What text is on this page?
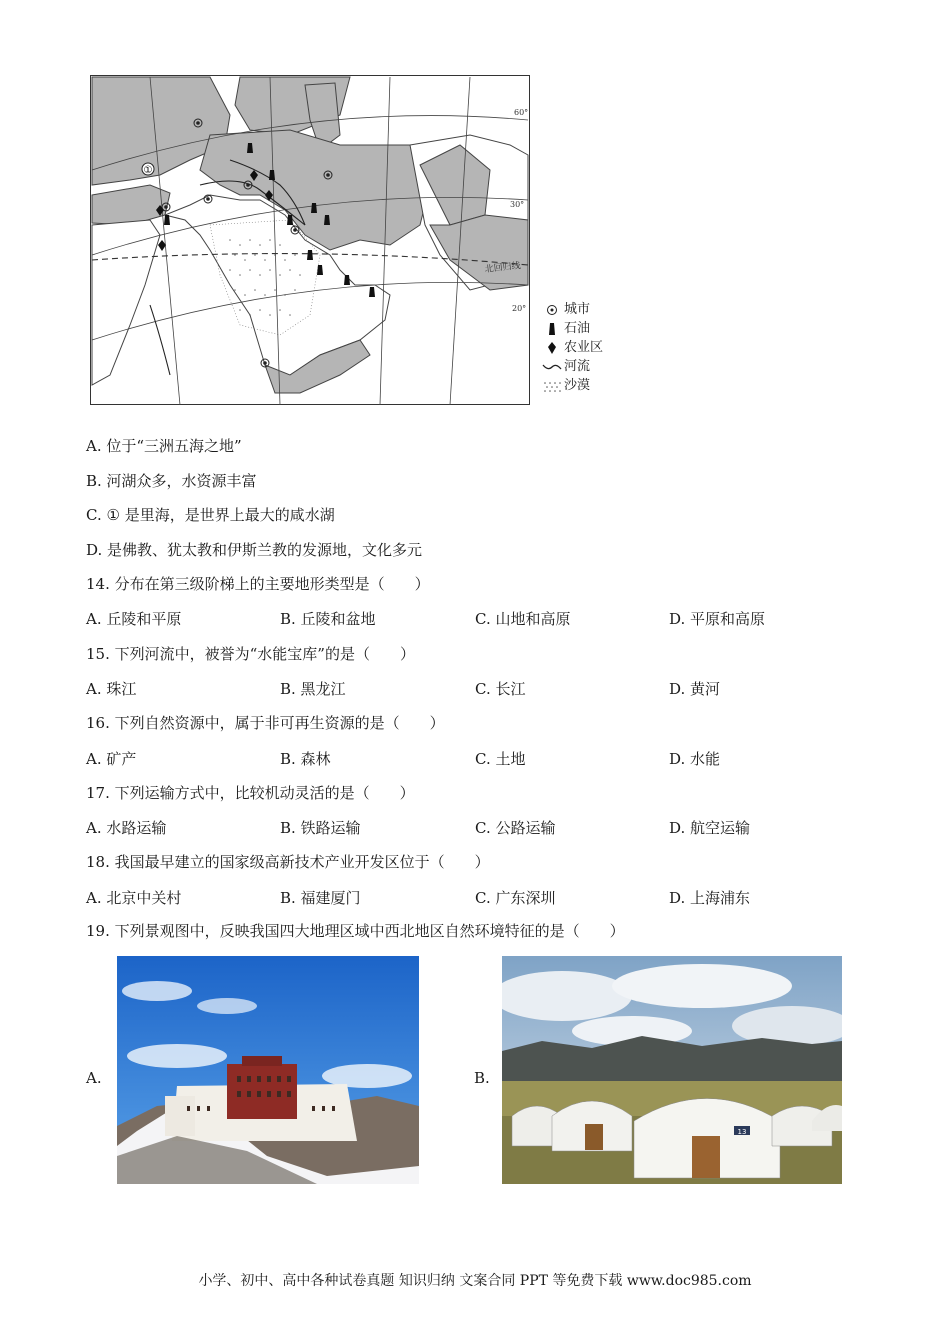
①
北回归线
30°
20°
60°
城市
石油
农业区
河流
沙漠
A. 位于“三洲五海之地”
B. 河湖众多，水资源丰富
C. ① 是里海，是世界上最大的咸水湖
D. 是佛教、犹太教和伊斯兰教的发源地，文化多元
14. 分布在第三级阶梯上的主要地形类型是（　　）
A. 丘陵和平原	B. 丘陵和盆地	C. 山地和高原	D. 平原和高原
15. 下列河流中，被誉为“水能宝库”的是（　　）
A. 珠江	B. 黑龙江	C. 长江	D. 黄河
16. 下列自然资源中，属于非可再生资源的是（　　）
A. 矿产	B. 森林	C. 土地	D. 水能
17. 下列运输方式中，比较机动灵活的是（　　）
A. 水路运输	B. 铁路运输	C. 公路运输	D. 航空运输
18. 我国最早建立的国家级高新技术产业开发区位于（　　）
A. 北京中关村	B. 福建厦门	C. 广东深圳	D. 上海浦东
19. 下列景观图中，反映我国四大地理区域中西北地区自然环境特征的是（　　）
A.	B.
13
小学、初中、高中各种试卷真题 知识归纳 文案合同 PPT 等免费下载 www.doc985.com
